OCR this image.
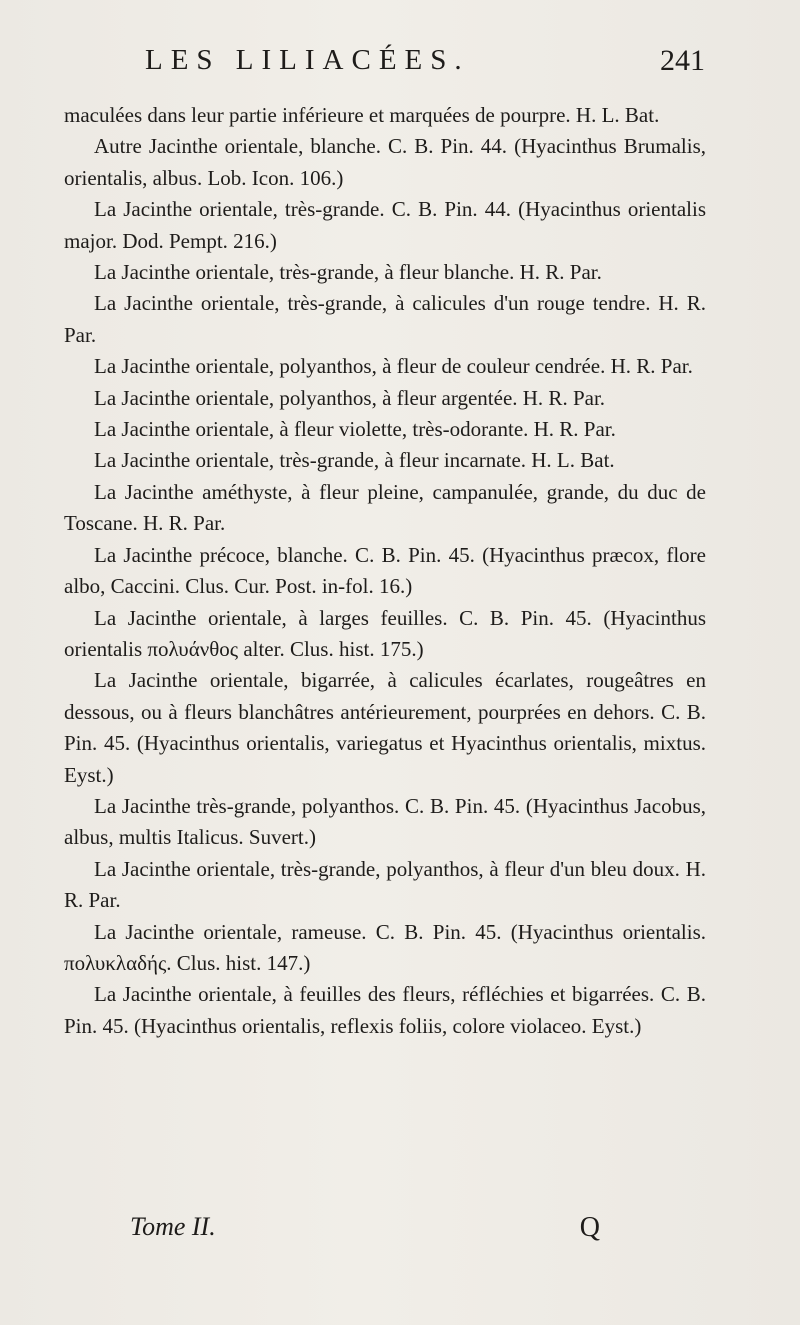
LES LILIACÉES.	241

maculées dans leur partie inférieure et marquées de pourpre. H. L. Bat.

Autre Jacinthe orientale, blanche. C. B. Pin. 44. (Hyacinthus Brumalis, orientalis, albus. Lob. Icon. 106.)

La Jacinthe orientale, très-grande. C. B. Pin. 44. (Hyacinthus orientalis major. Dod. Pempt. 216.)

La Jacinthe orientale, très-grande, à fleur blanche. H. R. Par.

La Jacinthe orientale, très-grande, à calicules d'un rouge tendre. H. R. Par.

La Jacinthe orientale, polyanthos, à fleur de couleur cendrée. H. R. Par.

La Jacinthe orientale, polyanthos, à fleur argentée. H. R. Par.

La Jacinthe orientale, à fleur violette, très-odorante. H. R. Par.

La Jacinthe orientale, très-grande, à fleur incarnate. H. L. Bat.

La Jacinthe améthyste, à fleur pleine, campanulée, grande, du duc de Toscane. H. R. Par.

La Jacinthe précoce, blanche. C. B. Pin. 45. (Hyacinthus præcox, flore albo, Caccini. Clus. Cur. Post. in-fol. 16.)

La Jacinthe orientale, à larges feuilles. C. B. Pin. 45. (Hyacinthus orientalis πολυάνθος alter. Clus. hist. 175.)

La Jacinthe orientale, bigarrée, à calicules écarlates, rougeâtres en dessous, ou à fleurs blanchâtres antérieurement, pourprées en dehors. C. B. Pin. 45. (Hyacinthus orientalis, variegatus et Hyacinthus orientalis, mixtus. Eyst.)

La Jacinthe très-grande, polyanthos. C. B. Pin. 45. (Hyacinthus Jacobus, albus, multis Italicus. Suvert.)

La Jacinthe orientale, très-grande, polyanthos, à fleur d'un bleu doux. H. R. Par.

La Jacinthe orientale, rameuse. C. B. Pin. 45. (Hyacinthus orientalis. πολυκλαδής. Clus. hist. 147.)

La Jacinthe orientale, à feuilles des fleurs, réfléchies et bigarrées. C. B. Pin. 45. (Hyacinthus orientalis, reflexis foliis, colore violaceo. Eyst.)

Tome II.	Q
